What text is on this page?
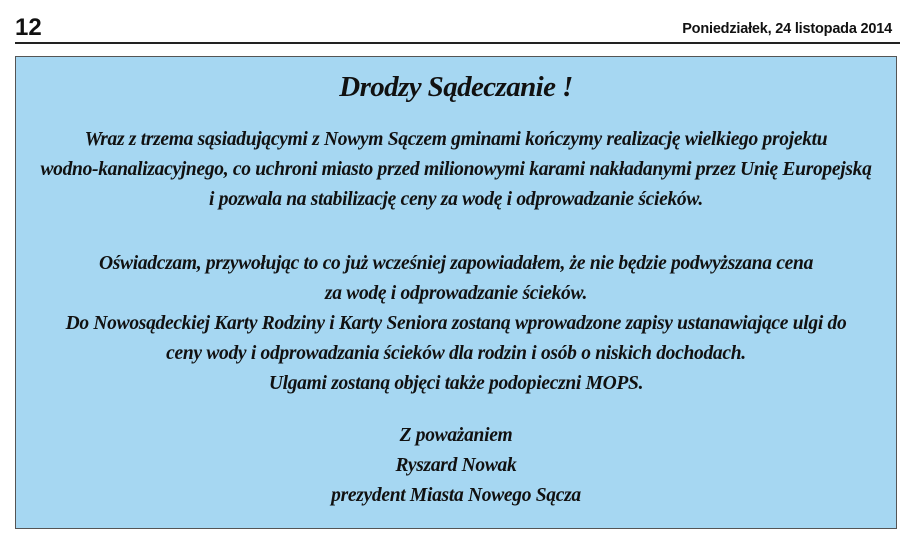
12	Poniedziałek, 24 listopada 2014
Drodzy Sądeczanie !
Wraz z trzema sąsiadującymi z Nowym Sączem gminami kończymy realizację wielkiego projektu
wodno-kanalizacyjnego, co uchroni miasto przed milionowymi karami nakładanymi przez Unię Europejską
i pozwala na stabilizację ceny za wodę i odprowadzanie ścieków.
Oświadczam, przywołując to co już wcześniej zapowiadałem, że nie będzie podwyższana cena
za wodę i odprowadzanie ścieków.
Do Nowosądeckiej Karty Rodziny i Karty Seniora zostaną wprowadzone zapisy ustanawiające ulgi do
ceny wody i odprowadzania ścieków dla rodzin i osób o niskich dochodach.
Ulgami zostaną objęci także podopieczni MOPS.
Z poważaniem
Ryszard Nowak
prezydent Miasta Nowego Sącza
